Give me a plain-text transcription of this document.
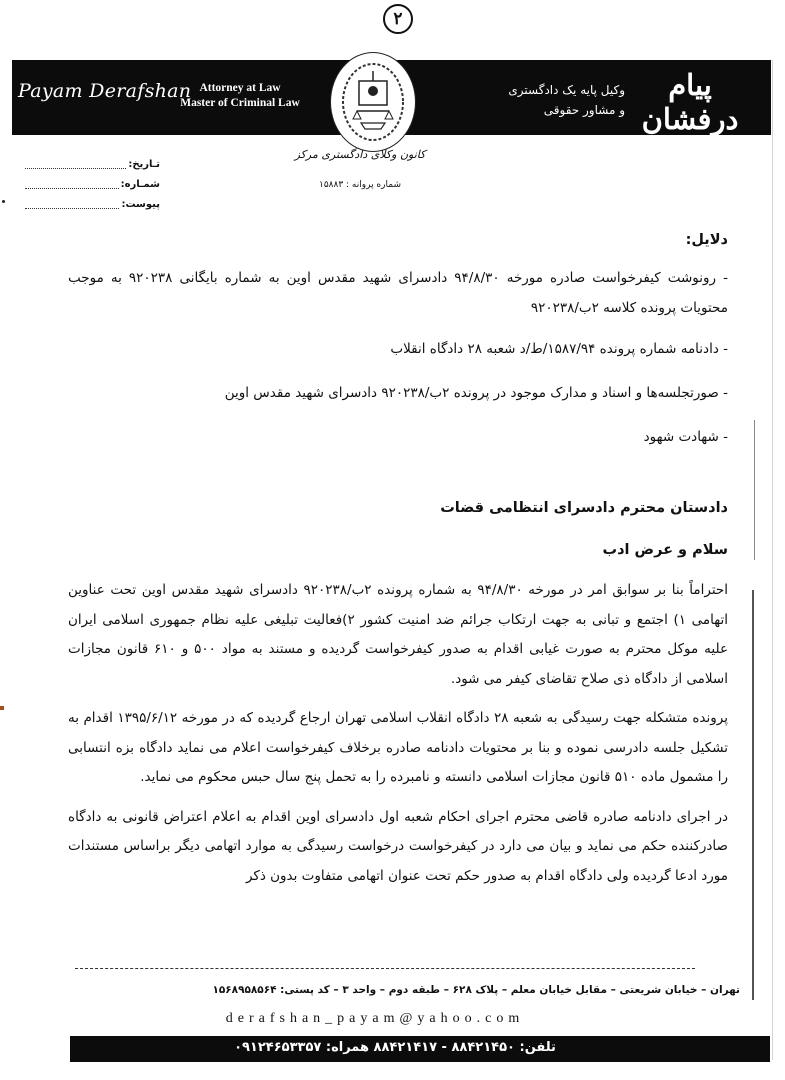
۲
Payam Derafshan Attorney at Law
Master of Criminal Law
وکیل پایه یک دادگستری
و مشاور حقوقی
پیام درفشان
کانون وکلای دادگستری مرکز
شماره پروانه : ۱۵۸۸۳
تـاریخ:
شمـاره:
پیوست:
دلایل:

- رونوشت کیفرخواست صادره مورخه ۹۴/۸/۳۰ دادسرای شهید مقدس اوین به شماره بایگانی ۹۲۰۲۳۸ به موجب محتویات پرونده کلاسه ۲ب/۹۲۰۲۳۸

- دادنامه شماره پرونده ۱۵۸۷/۹۴/ط/د شعبه ۲۸ دادگاه انقلاب

- صورتجلسه‌ها و اسناد و مدارک موجود در پرونده ۲ب/۹۲۰۲۳۸ دادسرای شهید مقدس اوین

- شهادت شهود

دادستان محترم دادسرای انتظامی قضات
سلام و عرض ادب

احتراماً بنا بر سوابق امر در مورخه ۹۴/۸/۳۰ به شماره پرونده ۲ب/۹۲۰۲۳۸ دادسرای شهید مقدس اوین تحت عناوین اتهامی ۱) اجتمع و تبانی به جهت ارتکاب جرائم ضد امنیت کشور ۲)فعالیت تبلیغی علیه نظام جمهوری اسلامی ایران علیه موکل محترم به صورت غیابی اقدام به صدور کیفرخواست گردیده و مستند به مواد ۵۰۰ و ۶۱۰ قانون مجازات اسلامی از دادگاه ذی صلاح تقاضای کیفر می شود.

پرونده متشکله جهت رسیدگی به شعبه ۲۸ دادگاه انقلاب اسلامی تهران ارجاع گردیده که در مورخه ۱۳۹۵/۶/۱۲ اقدام به تشکیل جلسه دادرسی نموده و بنا بر محتویات دادنامه صادره برخلاف کیفرخواست اعلام می نماید دادگاه بزه انتسابی را مشمول ماده ۵۱۰ قانون مجازات اسلامی دانسته و نامبرده را به تحمل پنج سال حبس محکوم می نماید.

در اجرای دادنامه صادره قاضی محترم اجرای احکام شعبه اول دادسرای اوین اقدام به اعلام اعتراض قانونی به دادگاه صادرکننده حکم می نماید و بیان می دارد در کیفرخواست درخواست رسیدگی به موارد اتهامی دیگر براساس مستندات مورد ادعا گردیده ولی دادگاه اقدام به صدور حکم تحت عنوان اتهامی متفاوت بدون ذکر

تهران – خیابان شریعتی – مقابل خیابان معلم – پلاک ۶۲۸ – طبقه دوم – واحد ۳ – کد پستی: ۱۵۶۸۹۵۸۵۶۴
derafshan_payam@yahoo.com
تلفن: ۸۸۴۲۱۴۵۰ - ۸۸۴۲۱۴۱۷ همراه: ۰۹۱۲۴۶۵۳۳۵۷
